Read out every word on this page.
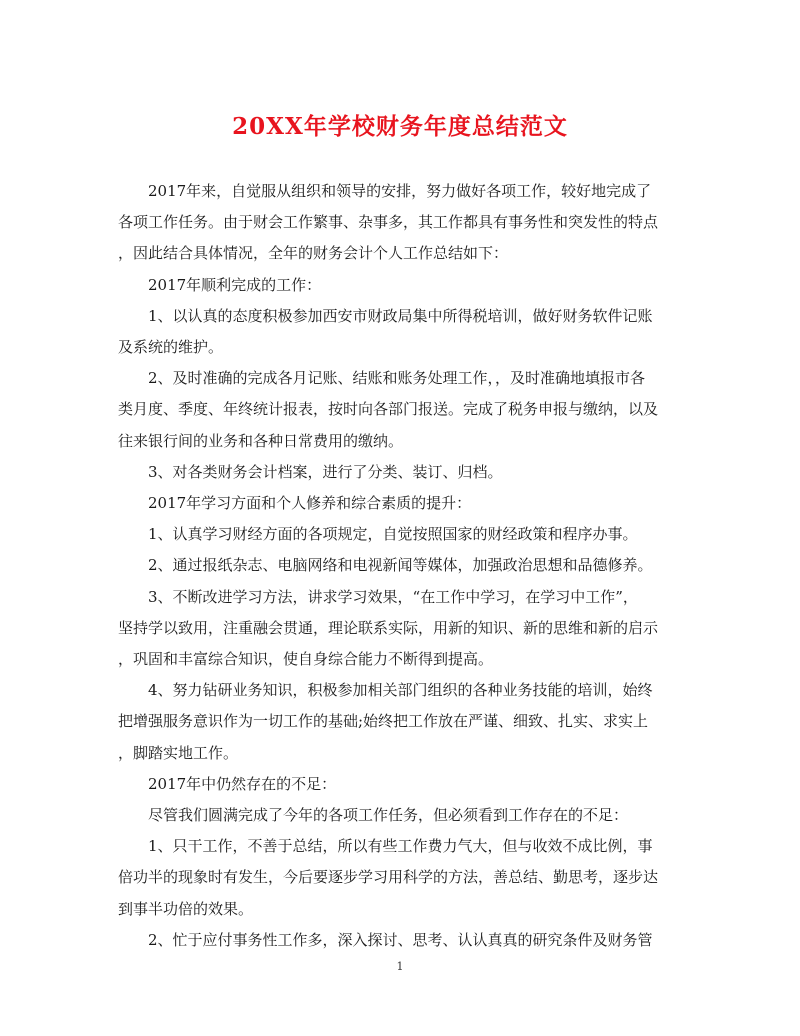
20XX年学校财务年度总结范文
2017年来，自觉服从组织和领导的安排，努力做好各项工作，较好地完成了
各项工作任务。由于财会工作繁事、杂事多，其工作都具有事务性和突发性的特点
，因此结合具体情况，全年的财务会计个人工作总结如下：
2017年顺利完成的工作：
1、以认真的态度积极参加西安市财政局集中所得税培训，做好财务软件记账
及系统的维护。
2、及时准确的完成各月记账、结账和账务处理工作，，及时准确地填报市各
类月度、季度、年终统计报表，按时向各部门报送。完成了税务申报与缴纳，以及
往来银行间的业务和各种日常费用的缴纳。
3、对各类财务会计档案，进行了分类、装订、归档。
2017年学习方面和个人修养和综合素质的提升：
1、认真学习财经方面的各项规定，自觉按照国家的财经政策和程序办事。
2、通过报纸杂志、电脑网络和电视新闻等媒体，加强政治思想和品德修养。
3、不断改进学习方法，讲求学习效果，“在工作中学习，在学习中工作”，
坚持学以致用，注重融会贯通，理论联系实际，用新的知识、新的思维和新的启示
，巩固和丰富综合知识，使自身综合能力不断得到提高。
4、努力钻研业务知识，积极参加相关部门组织的各种业务技能的培训，始终
把增强服务意识作为一切工作的基础;始终把工作放在严谨、细致、扎实、求实上
，脚踏实地工作。
2017年中仍然存在的不足：
尽管我们圆满完成了今年的各项工作任务，但必须看到工作存在的不足：
1、只干工作，不善于总结，所以有些工作费力气大，但与收效不成比例，事
倍功半的现象时有发生，今后要逐步学习用科学的方法，善总结、勤思考，逐步达
到事半功倍的效果。
2、忙于应付事务性工作多，深入探讨、思考、认认真真的研究条件及财务管
1
